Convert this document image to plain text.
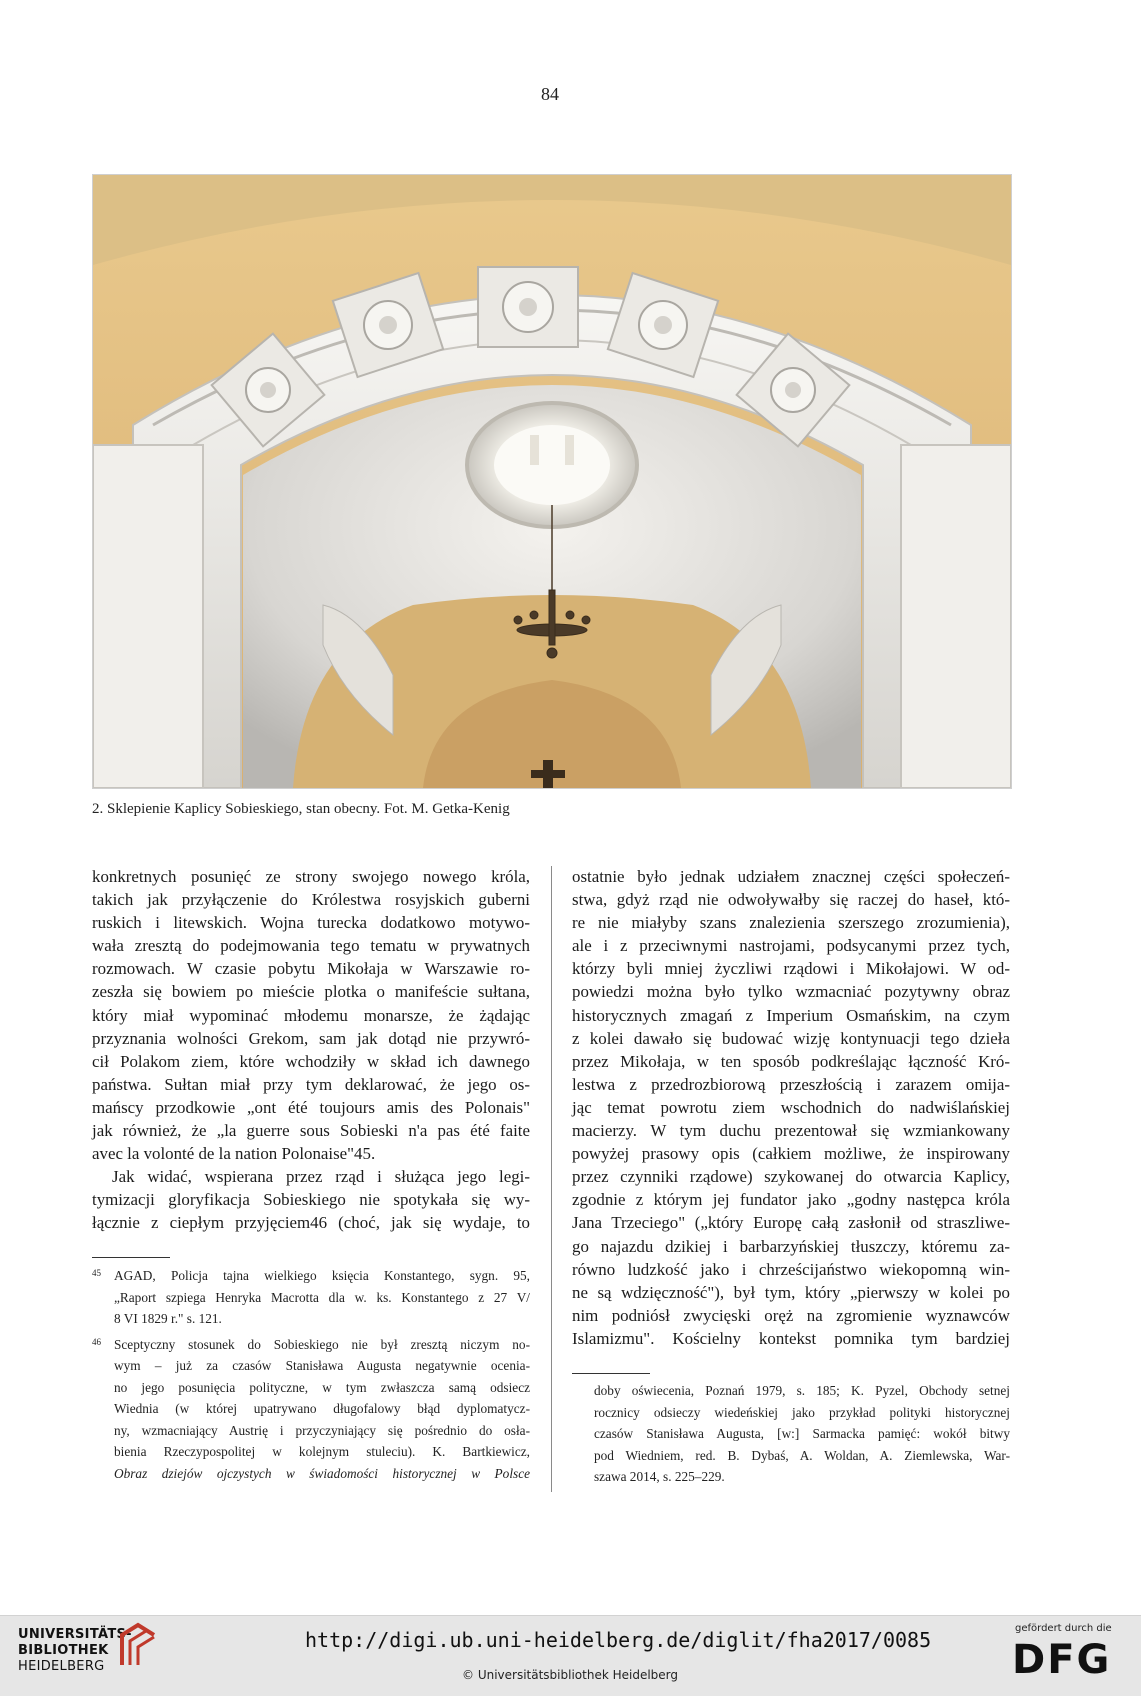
84
2. Sklepienie Kaplicy Sobieskiego, stan obecny. Fot. M. Getka-Kenig
konkretnych posunięć ze strony swojego nowego króla,
takich jak przyłączenie do Królestwa rosyjskich guberni
ruskich i litewskich. Wojna turecka dodatkowo motywo-
wała zresztą do podejmowania tego tematu w prywatnych
rozmowach. W czasie pobytu Mikołaja w Warszawie ro-
zeszła się bowiem po mieście plotka o manifeście sułtana,
który miał wypominać młodemu monarsze, że żądając
przyznania wolności Grekom, sam jak dotąd nie przywró-
cił Polakom ziem, które wchodziły w skład ich dawnego
państwa. Sułtan miał przy tym deklarować, że jego os-
mańscy przodkowie „ont été toujours amis des Polonais"
jak również, że „la guerre sous Sobieski n'a pas été faite
avec la volonté de la nation Polonaise"45.
Jak widać, wspierana przez rząd i służąca jego legi-
tymizacji gloryfikacja Sobieskiego nie spotykała się wy-
łącznie z ciepłym przyjęciem46 (choć, jak się wydaje, to
ostatnie było jednak udziałem znacznej części społeczeń-
stwa, gdyż rząd nie odwoływałby się raczej do haseł, któ-
re nie miałyby szans znalezienia szerszego zrozumienia),
ale i z przeciwnymi nastrojami, podsycanymi przez tych,
którzy byli mniej życzliwi rządowi i Mikołajowi. W od-
powiedzi można było tylko wzmacniać pozytywny obraz
historycznych zmagań z Imperium Osmańskim, na czym
z kolei dawało się budować wizję kontynuacji tego dzieła
przez Mikołaja, w ten sposób podkreślając łączność Kró-
lestwa z przedrozbiorową przeszłością i zarazem omija-
jąc temat powrotu ziem wschodnich do nadwiślańskiej
macierzy. W tym duchu prezentował się wzmiankowany
powyżej prasowy opis (całkiem możliwe, że inspirowany
przez czynniki rządowe) szykowanej do otwarcia Kaplicy,
zgodnie z którym jej fundator jako „godny następca króla
Jana Trzeciego" („który Europę całą zasłonił od straszliwe-
go najazdu dzikiej i barbarzyńskiej tłuszczy, któremu za-
równo ludzkość jako i chrześcijaństwo wiekopomną win-
ne są wdzięczność"), był tym, który „pierwszy w kolei po
nim podniósł zwycięski oręż na zgromienie wyznawców
Islamizmu". Kościelny kontekst pomnika tym bardziej
45 AGAD, Policja tajna wielkiego księcia Konstantego, sygn. 95,
„Raport szpiega Henryka Macrotta dla w. ks. Konstantego z 27 V/
8 VI 1829 r." s. 121.
46 Sceptyczny stosunek do Sobieskiego nie był zresztą niczym no-
wym – już za czasów Stanisława Augusta negatywnie ocenia-
no jego posunięcia polityczne, w tym zwłaszcza samą odsiecz
Wiednia (w której upatrywano długofalowy błąd dyplomatycz-
ny, wzmacniający Austrię i przyczyniający się pośrednio do osła-
bienia Rzeczypospolitej w kolejnym stuleciu). K. Bartkiewicz,
Obraz dziejów ojczystych w świadomości historycznej w Polsce
doby oświecenia, Poznań 1979, s. 185; K. Pyzel, Obchody setnej
rocznicy odsieczy wiedeńskiej jako przykład polityki historycznej
czasów Stanisława Augusta, [w:] Sarmacka pamięć: wokół bitwy
pod Wiedniem, red. B. Dybaś, A. Woldan, A. Ziemlewska, War-
szawa 2014, s. 225–229.
UNIVERSITÄTS-
BIBLIOTHEK
HEIDELBERG
http://digi.ub.uni-heidelberg.de/diglit/fha2017/0085
© Universitätsbibliothek Heidelberg
gefördert durch die
DFG
